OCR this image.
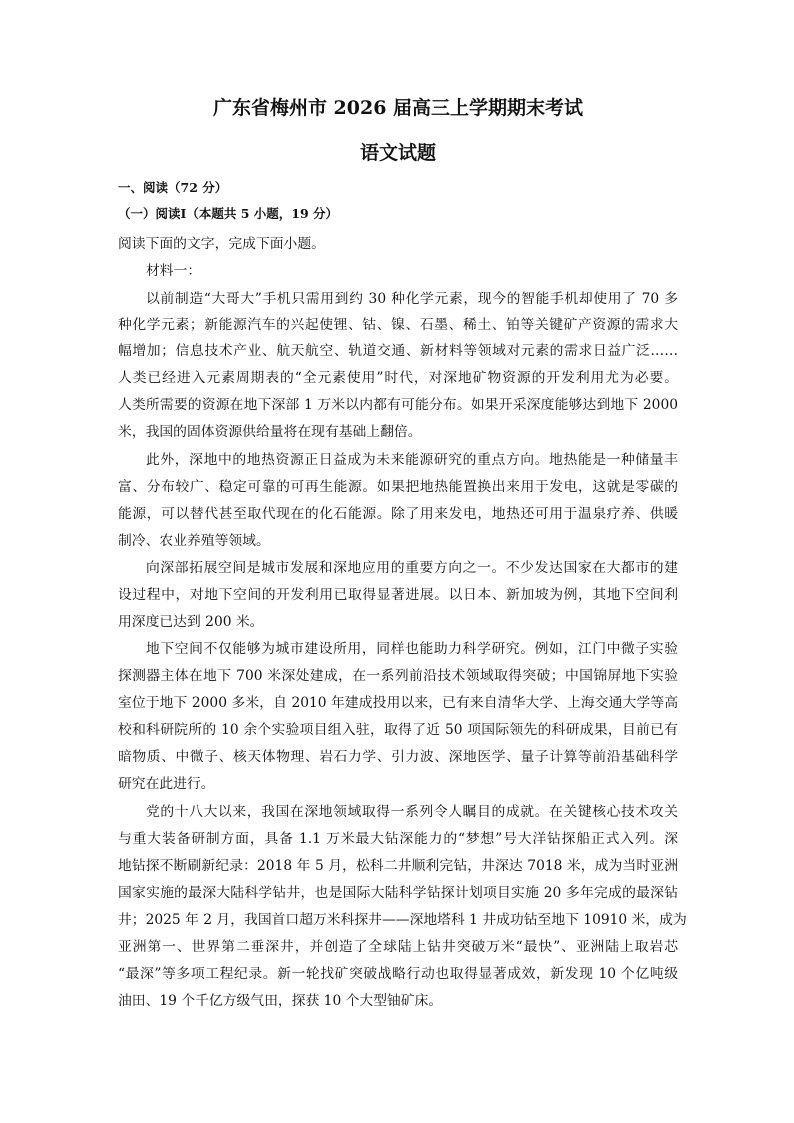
广东省梅州市 2026 届高三上学期期末考试
语文试题
一、阅读（72 分）
（一）阅读Ⅰ（本题共 5 小题，19 分）
阅读下面的文字，完成下面小题。
材料一：
以前制造“大哥大”手机只需用到约 30 种化学元素，现今的智能手机却使用了 70 多
种化学元素；新能源汽车的兴起使锂、钴、镍、石墨、稀土、铂等关键矿产资源的需求大
幅增加；信息技术产业、航天航空、轨道交通、新材料等领域对元素的需求日益广泛……
人类已经进入元素周期表的“全元素使用”时代，对深地矿物资源的开发利用尤为必要。
人类所需要的资源在地下深部 1 万米以内都有可能分布。如果开采深度能够达到地下 2000
米，我国的固体资源供给量将在现有基础上翻倍。
此外，深地中的地热资源正日益成为未来能源研究的重点方向。地热能是一种储量丰
富、分布较广、稳定可靠的可再生能源。如果把地热能置换出来用于发电，这就是零碳的
能源，可以替代甚至取代现在的化石能源。除了用来发电，地热还可用于温泉疗养、供暖
制冷、农业养殖等领域。
向深部拓展空间是城市发展和深地应用的重要方向之一。不少发达国家在大都市的建
设过程中，对地下空间的开发利用已取得显著进展。以日本、新加坡为例，其地下空间利
用深度已达到 200 米。
地下空间不仅能够为城市建设所用，同样也能助力科学研究。例如，江门中微子实验
探测器主体在地下 700 米深处建成，在一系列前沿技术领域取得突破；中国锦屏地下实验
室位于地下 2000 多米，自 2010 年建成投用以来，已有来自清华大学、上海交通大学等高
校和科研院所的 10 余个实验项目组入驻，取得了近 50 项国际领先的科研成果，目前已有
暗物质、中微子、核天体物理、岩石力学、引力波、深地医学、量子计算等前沿基础科学
研究在此进行。
党的十八大以来，我国在深地领域取得一系列令人瞩目的成就。在关键核心技术攻关
与重大装备研制方面，具备 1.1 万米最大钻深能力的“梦想”号大洋钻探船正式入列。深
地钻探不断刷新纪录：2018 年 5 月，松科二井顺利完钻，井深达 7018 米，成为当时亚洲
国家实施的最深大陆科学钻井，也是国际大陆科学钻探计划项目实施 20 多年完成的最深钻
井；2025 年 2 月，我国首口超万米科探井——深地塔科 1 井成功钻至地下 10910 米，成为
亚洲第一、世界第二垂深井，并创造了全球陆上钻井突破万米“最快”、亚洲陆上取岩芯
“最深”等多项工程纪录。新一轮找矿突破战略行动也取得显著成效，新发现 10 个亿吨级
油田、19 个千亿方级气田，探获 10 个大型铀矿床。
